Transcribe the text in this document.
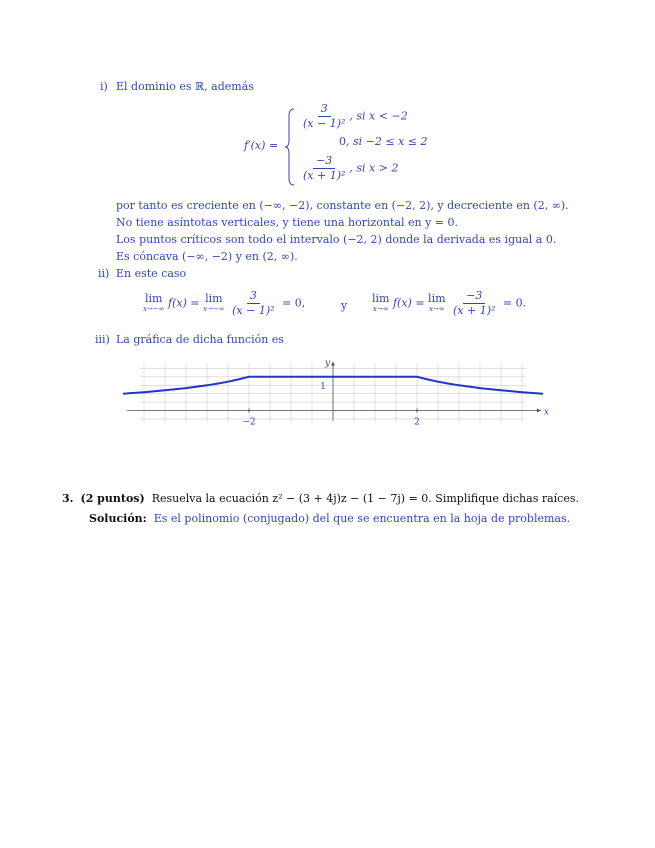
i) El dominio es ℝ, además
f′(x) =
$\frac{3}{\text{(x − 1)²}}$ , si x < −2
0, si −2 ≤ x ≤ 2
$\frac{-3}{\text{(x + 1)²}}$ , si x > 2
por tanto es creciente en (−∞, −2), constante en (−2, 2), y decreciente en (2, ∞).
No tiene asíntotas verticales, y tiene una horizontal en y = 0.
Los puntos críticos son todo el intervalo (−2, 2) donde la derivada es igual a 0.
Es cóncava (−∞, −2) y en (2, ∞).
ii) En este caso
lim
x→−∞ f(x) = lim
x→−∞
$\frac{3}{\text{(x − 1)²}} = 0$,	y
lim
x→∞ f(x) = lim
x→∞
$\frac{-3}{\text{(x + 1)²}} = 0$.
iii) La gráfica de dicha función es
x
y
−2	2
1
3. (2 puntos) Resuelva la ecuación z² − (3 + 4j)z − (1 − 7j) = 0. Simplifique dichas raíces.
Solución: Es el polinomio (conjugado) del que se encuentra en la hoja de problemas.
